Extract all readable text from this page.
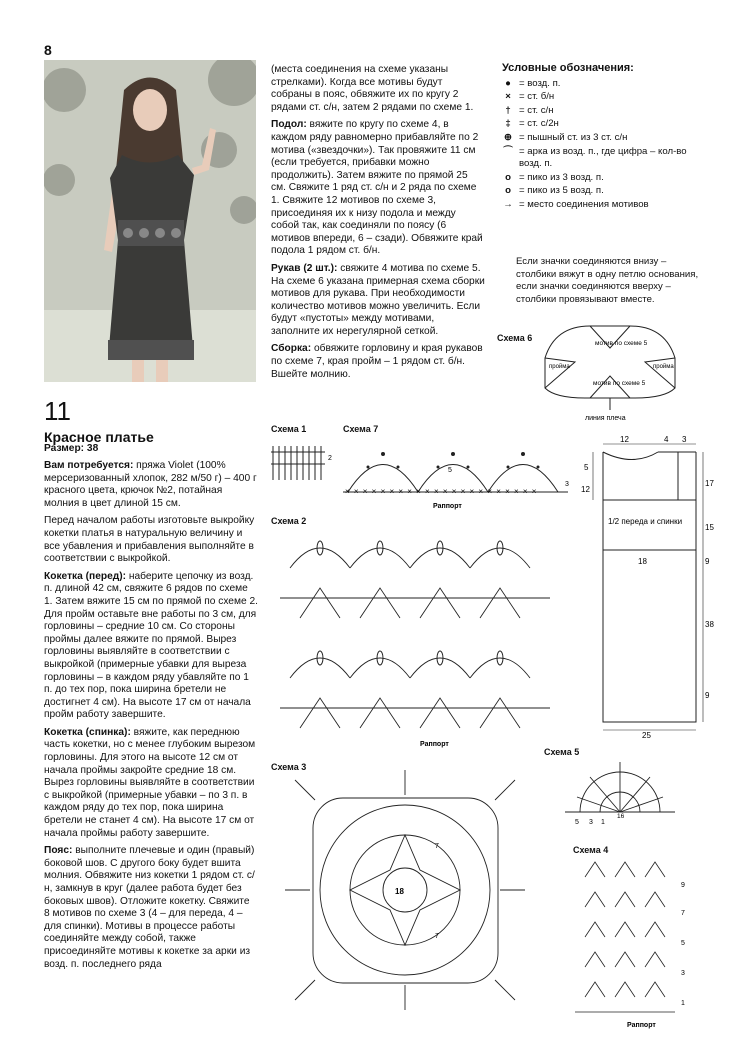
8
11
Красное платье
Размер: 38

Вам потребуется: пряжа Violet (100% мерсеризованный хлопок, 282 м/50 г) – 400 г красного цвета, крючок №2, потайная молния в цвет длиной 15 см.

Перед началом работы изготовьте выкройку кокетки платья в натуральную величину и все убавления и прибавления выполняйте в соответствии с выкройкой.

Кокетка (перед): наберите цепочку из возд. п. длиной 42 см, свяжите 6 рядов по схеме 1. Затем вяжите 15 см по прямой по схеме 2. Для пройм оставьте вне работы по 3 см, для горловины – средние 10 см. Со стороны проймы далее вяжите по прямой. Вырез горловины выявляйте в соответствии с выкройкой (примерные убавки для выреза горловины – в каждом ряду убавляйте по 1 п. до тех пор, пока ширина бретели не достигнет 4 см). На высоте 17 см от начала пройм работу завершите.

Кокетка (спинка): вяжите, как переднюю часть кокетки, но с менее глубоким вырезом горловины. Для этого на высоте 12 см от начала проймы закройте средние 18 см. Вырез горловины выявляйте в соответствии с выкройкой (примерные убавки – по 3 п. в каждом ряду до тех пор, пока ширина бретели не станет 4 см). На высоте 17 см от начала проймы работу завершите.

Пояс: выполните плечевые и один (правый) боковой шов. С другого боку будет вшита молния. Обвяжите низ кокетки 1 рядом ст. с/н, замкнув в круг (далее работа будет без боковых швов). Отложите кокетку. Свяжите 8 мотивов по схеме 3 (4 – для переда, 4 – для спинки). Мотивы в процессе работы соединяйте между собой, также присоединяйте мотивы к кокетке за арки из возд. п. последнего ряда

(места соединения на схеме указаны стрелками). Когда все мотивы будут собраны в пояс, обвяжите их по кругу 2 рядами ст. с/н, затем 2 рядами по схеме 1.

Подол: вяжите по кругу по схеме 4, в каждом ряду равномерно прибавляйте по 2 мотива («звездочки»). Так провяжите 11 см (если требуется, прибавки можно продолжить). Затем вяжите по прямой 25 см. Свяжите 1 ряд ст. с/н и 2 ряда по схеме 1. Свяжите 12 мотивов по схеме 3, присоединяя их к низу подола и между собой так, как соединяли по поясу (6 мотивов впереди, 6 – сзади). Обвяжите край подола 1 рядом ст. б/н.

Рукав (2 шт.): свяжите 4 мотива по схеме 5. На схеме 6 указана примерная схема сборки мотивов для рукава. При необходимости количество мотивов можно увеличить. Если будут «пустоты» между мотивами, заполните их нерегулярной сеткой.

Сборка: обвяжите горловину и края рукавов по схеме 7, края пройм – 1 рядом ст. б/н. Вшейте молнию.

Условные обозначения:
● = возд. п.
× = ст. б/н
† = ст. с/н
‡ = ст. с/2н
⊕ = пышный ст. из 3 ст. с/н
⌒ = арка из возд. п., где цифра – кол-во возд. п.
o = пико из 3 возд. п.
o = пико из 5 возд. п.
→ = место соединения мотивов
Если значки соединяются внизу – столбики вяжут в одну петлю основания, если значки соединяются вверху – столбики провязывают вместе.
Схема 6
мотив по схеме 5
мотив по схеме 5
пройма	пройма
линия плеча
Схема 1
2
Схема 7
× × × × × × × × × × × × × × × × × × × × × ×
5
3
Раппорт
Схема 2
Раппорт
Схема 3
18
7
7
Схема 5
16
5 3 1
Схема 4
9
7
5
3
1
Раппорт
12	4 3
5
12
17
15
9
38
9
18
25
1/2 переда и спинки
